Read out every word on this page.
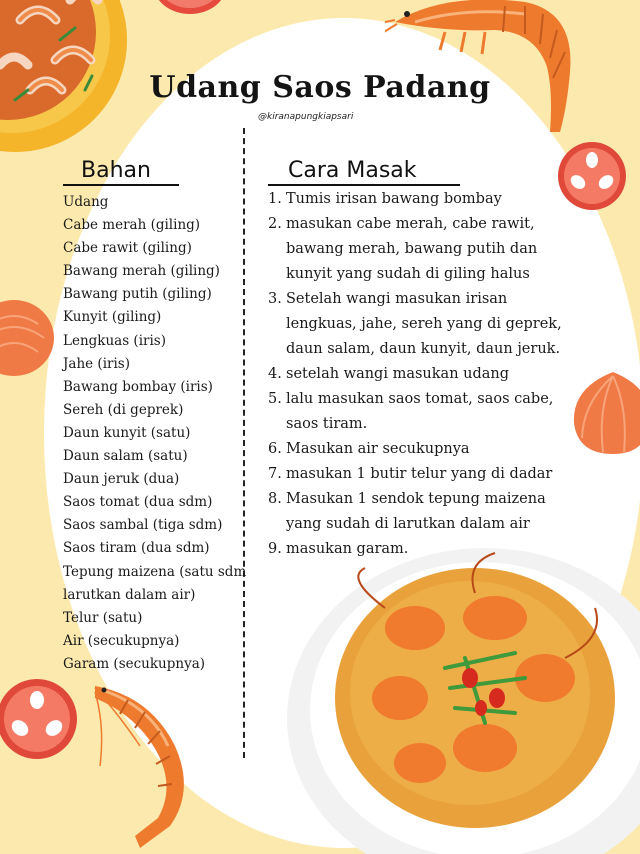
Udang Saos Padang
@kiranapungkiapsari
Bahan
Udang
Cabe merah (giling)
Cabe rawit (giling)
Bawang merah (giling)
Bawang putih (giling)
Kunyit (giling)
Lengkuas (iris)
Jahe (iris)
Bawang bombay (iris)
Sereh (di geprek)
Daun kunyit (satu)
Daun salam (satu)
Daun jeruk (dua)
Saos tomat (dua sdm)
Saos sambal (tiga sdm)
Saos tiram (dua sdm)
Tepung maizena (satu sdm
larutkan dalam air)
Telur (satu)
Air (secukupnya)
Garam (secukupnya)
Cara Masak
1. Tumis irisan bawang bombay
2. masukan cabe merah, cabe rawit, bawang merah, bawang putih dan kunyit yang sudah di giling halus
3. Setelah wangi masukan irisan lengkuas, jahe, sereh yang di geprek, daun salam, daun kunyit, daun jeruk.
4. setelah wangi masukan udang
5. lalu masukan saos tomat, saos cabe, saos tiram.
6. Masukan air secukupnya
7. masukan 1 butir telur yang di dadar
8. Masukan 1 sendok tepung maizena yang sudah di larutkan dalam air
9. masukan garam.
